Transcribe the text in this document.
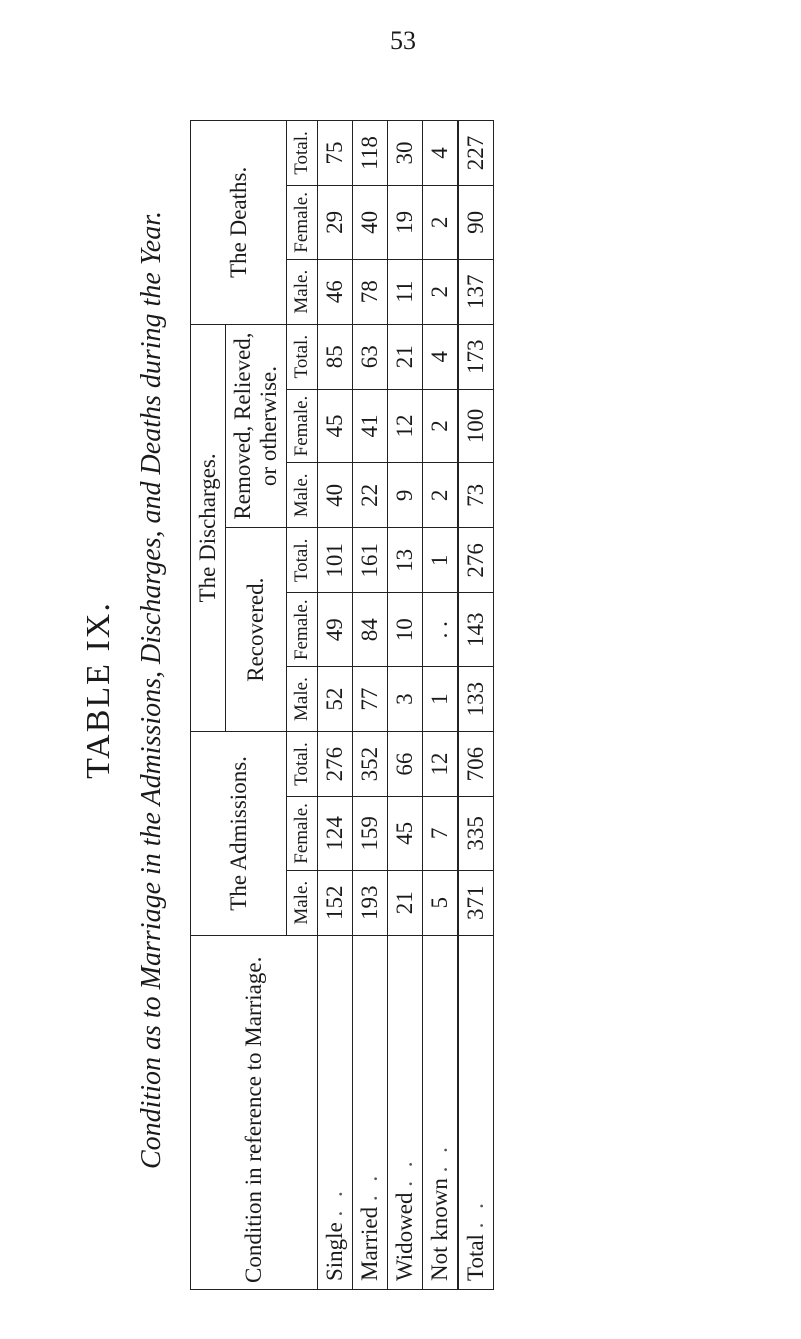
53
TABLE IX. Condition as to Marriage in the Admissions, Discharges, and Deaths during the Year.	Condition in reference to Marriage.	The Admissions.			The Discharges.						The Deaths.		
				Recovered.			Removed, Relieved, or otherwise.					
	Male.	Female.	Total.	Male.	Female.	Total.	Male.	Female.	Total.	Male.	Female.	Total.
Single . .	152	124	276	52	49	101	40	45	85	46	29	75
Married . .	193	159	352	77	84	161	22	41	63	78	40	118
Widowed . .	21	45	66	3	10	13	9	12	21	11	19	30
Not known . .	5	7	12	1	. .	1	2	2	4	2	2	4
Total . .	371	335	706	133	143	276	73	100	173	137	90	227
